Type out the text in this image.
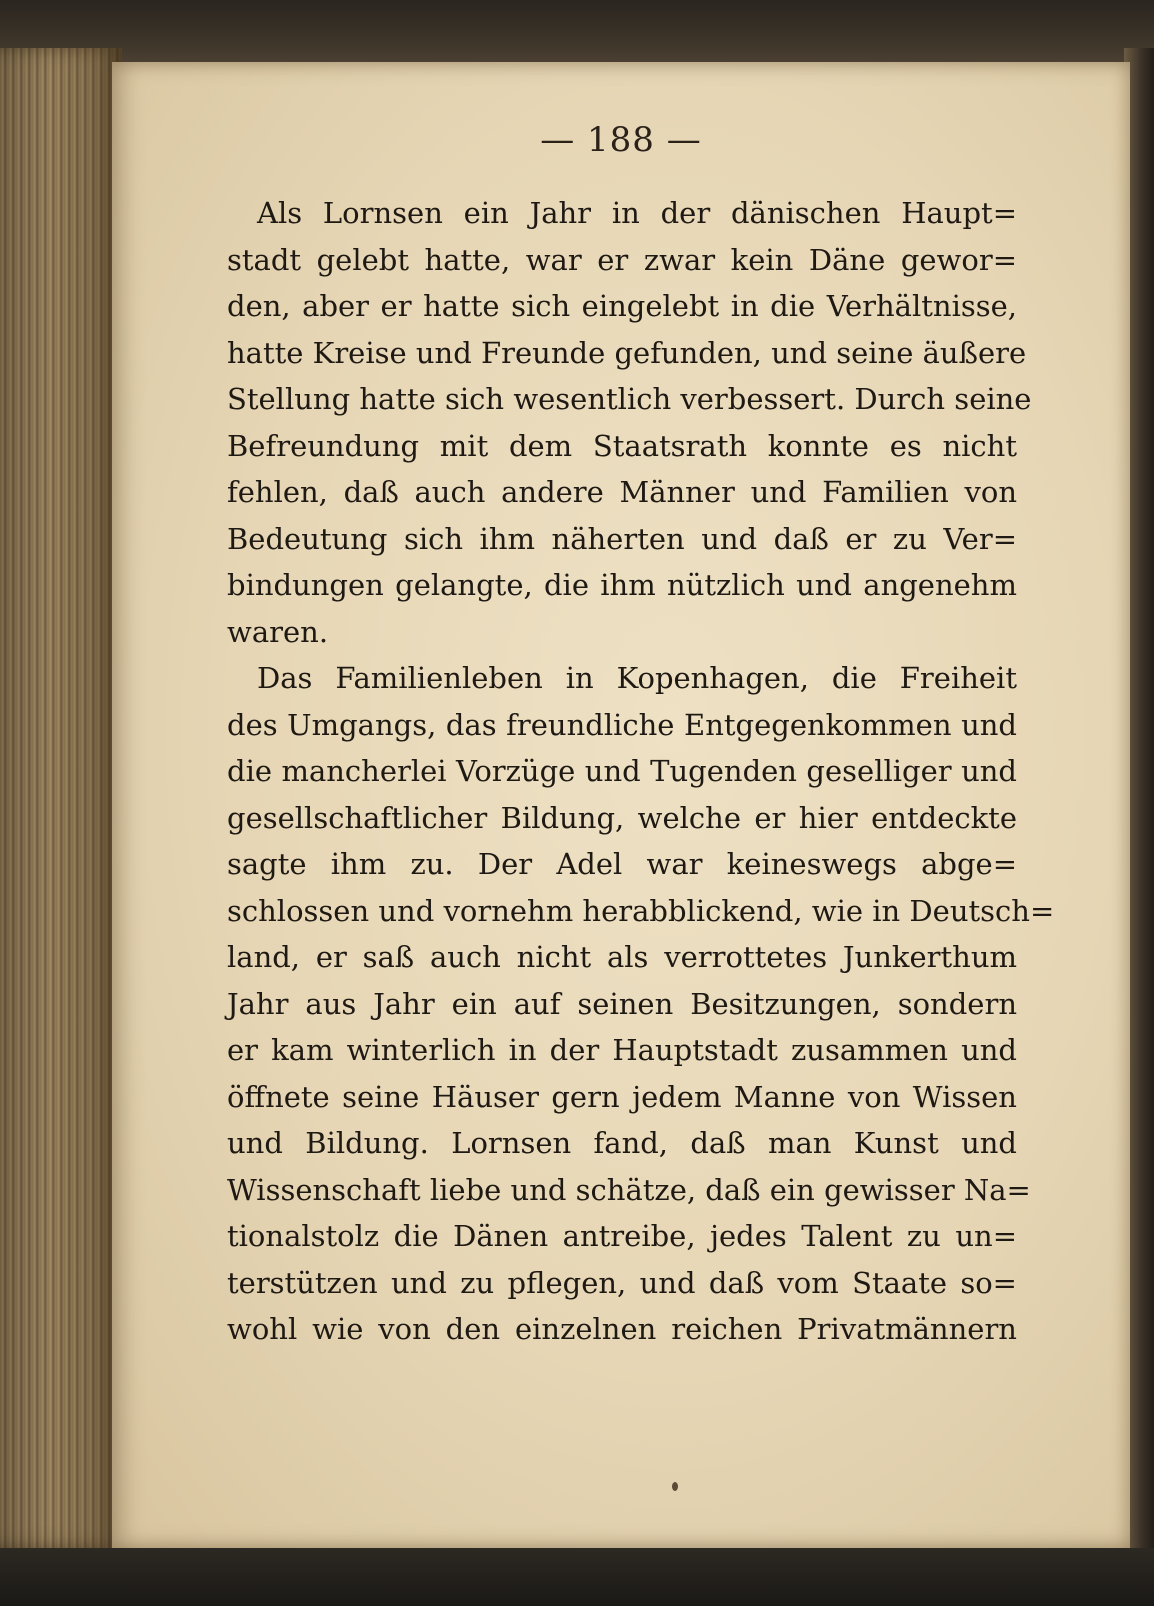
— 188 —
Als Lornsen ein Jahr in der dänischen Haupt=
stadt gelebt hatte, war er zwar kein Däne gewor=
den, aber er hatte sich eingelebt in die Verhältnisse,
hatte Kreise und Freunde gefunden, und seine äußere
Stellung hatte sich wesentlich verbessert. Durch seine
Befreundung mit dem Staatsrath konnte es nicht
fehlen, daß auch andere Männer und Familien von
Bedeutung sich ihm näherten und daß er zu Ver=
bindungen gelangte, die ihm nützlich und angenehm
waren.
Das Familienleben in Kopenhagen, die Freiheit
des Umgangs, das freundliche Entgegenkommen und
die mancherlei Vorzüge und Tugenden geselliger und
gesellschaftlicher Bildung, welche er hier entdeckte
sagte ihm zu. Der Adel war keineswegs abge=
schlossen und vornehm herabblickend, wie in Deutsch=
land, er saß auch nicht als verrottetes Junkerthum
Jahr aus Jahr ein auf seinen Besitzungen, sondern
er kam winterlich in der Hauptstadt zusammen und
öffnete seine Häuser gern jedem Manne von Wissen
und Bildung. Lornsen fand, daß man Kunst und
Wissenschaft liebe und schätze, daß ein gewisser Na=
tionalstolz die Dänen antreibe, jedes Talent zu un=
terstützen und zu pflegen, und daß vom Staate so=
wohl wie von den einzelnen reichen Privatmännern
